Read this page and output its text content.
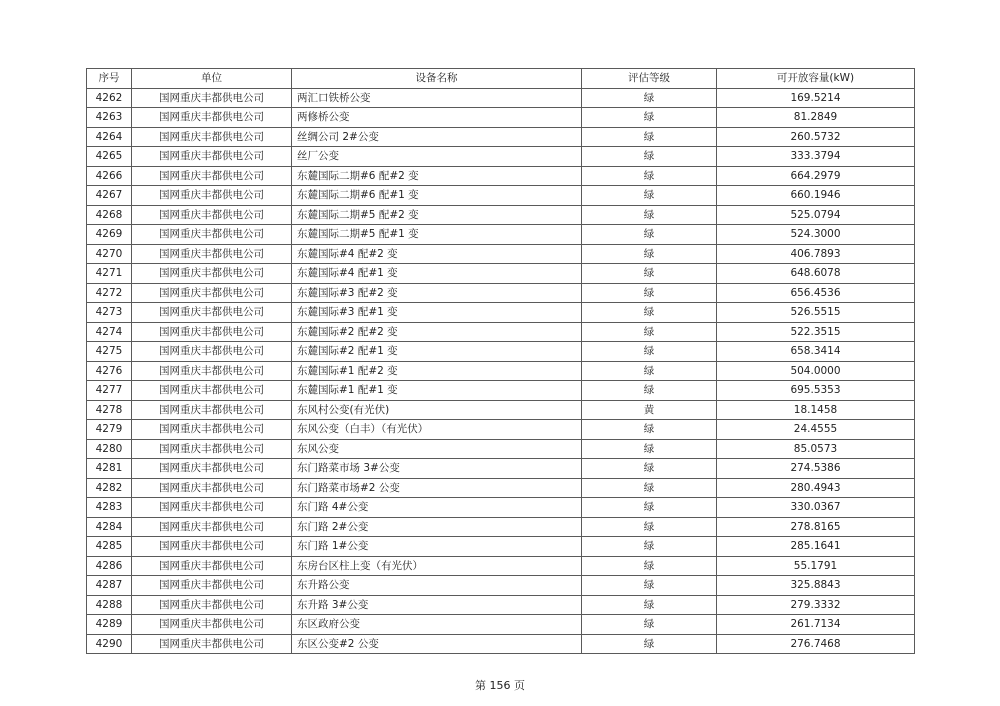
序号	单位	设备名称	评估等级	可开放容量(kW)
4262	国网重庆丰都供电公司	两汇口铁桥公变	绿	169.5214
4263	国网重庆丰都供电公司	两修桥公变	绿	81.2849
4264	国网重庆丰都供电公司	丝绸公司 2#公变	绿	260.5732
4265	国网重庆丰都供电公司	丝厂公变	绿	333.3794
4266	国网重庆丰都供电公司	东麓国际二期#6 配#2 变	绿	664.2979
4267	国网重庆丰都供电公司	东麓国际二期#6 配#1 变	绿	660.1946
4268	国网重庆丰都供电公司	东麓国际二期#5 配#2 变	绿	525.0794
4269	国网重庆丰都供电公司	东麓国际二期#5 配#1 变	绿	524.3000
4270	国网重庆丰都供电公司	东麓国际#4 配#2 变	绿	406.7893
4271	国网重庆丰都供电公司	东麓国际#4 配#1 变	绿	648.6078
4272	国网重庆丰都供电公司	东麓国际#3 配#2 变	绿	656.4536
4273	国网重庆丰都供电公司	东麓国际#3 配#1 变	绿	526.5515
4274	国网重庆丰都供电公司	东麓国际#2 配#2 变	绿	522.3515
4275	国网重庆丰都供电公司	东麓国际#2 配#1 变	绿	658.3414
4276	国网重庆丰都供电公司	东麓国际#1 配#2 变	绿	504.0000
4277	国网重庆丰都供电公司	东麓国际#1 配#1 变	绿	695.5353
4278	国网重庆丰都供电公司	东风村公变(有光伏)	黄	18.1458
4279	国网重庆丰都供电公司	东风公变（白丰）（有光伏）	绿	24.4555
4280	国网重庆丰都供电公司	东风公变	绿	85.0573
4281	国网重庆丰都供电公司	东门路菜市场 3#公变	绿	274.5386
4282	国网重庆丰都供电公司	东门路菜市场#2 公变	绿	280.4943
4283	国网重庆丰都供电公司	东门路 4#公变	绿	330.0367
4284	国网重庆丰都供电公司	东门路 2#公变	绿	278.8165
4285	国网重庆丰都供电公司	东门路 1#公变	绿	285.1641
4286	国网重庆丰都供电公司	东房台区柱上变（有光伏）	绿	55.1791
4287	国网重庆丰都供电公司	东升路公变	绿	325.8843
4288	国网重庆丰都供电公司	东升路 3#公变	绿	279.3332
4289	国网重庆丰都供电公司	东区政府公变	绿	261.7134
4290	国网重庆丰都供电公司	东区公变#2 公变	绿	276.7468
第 156 页
